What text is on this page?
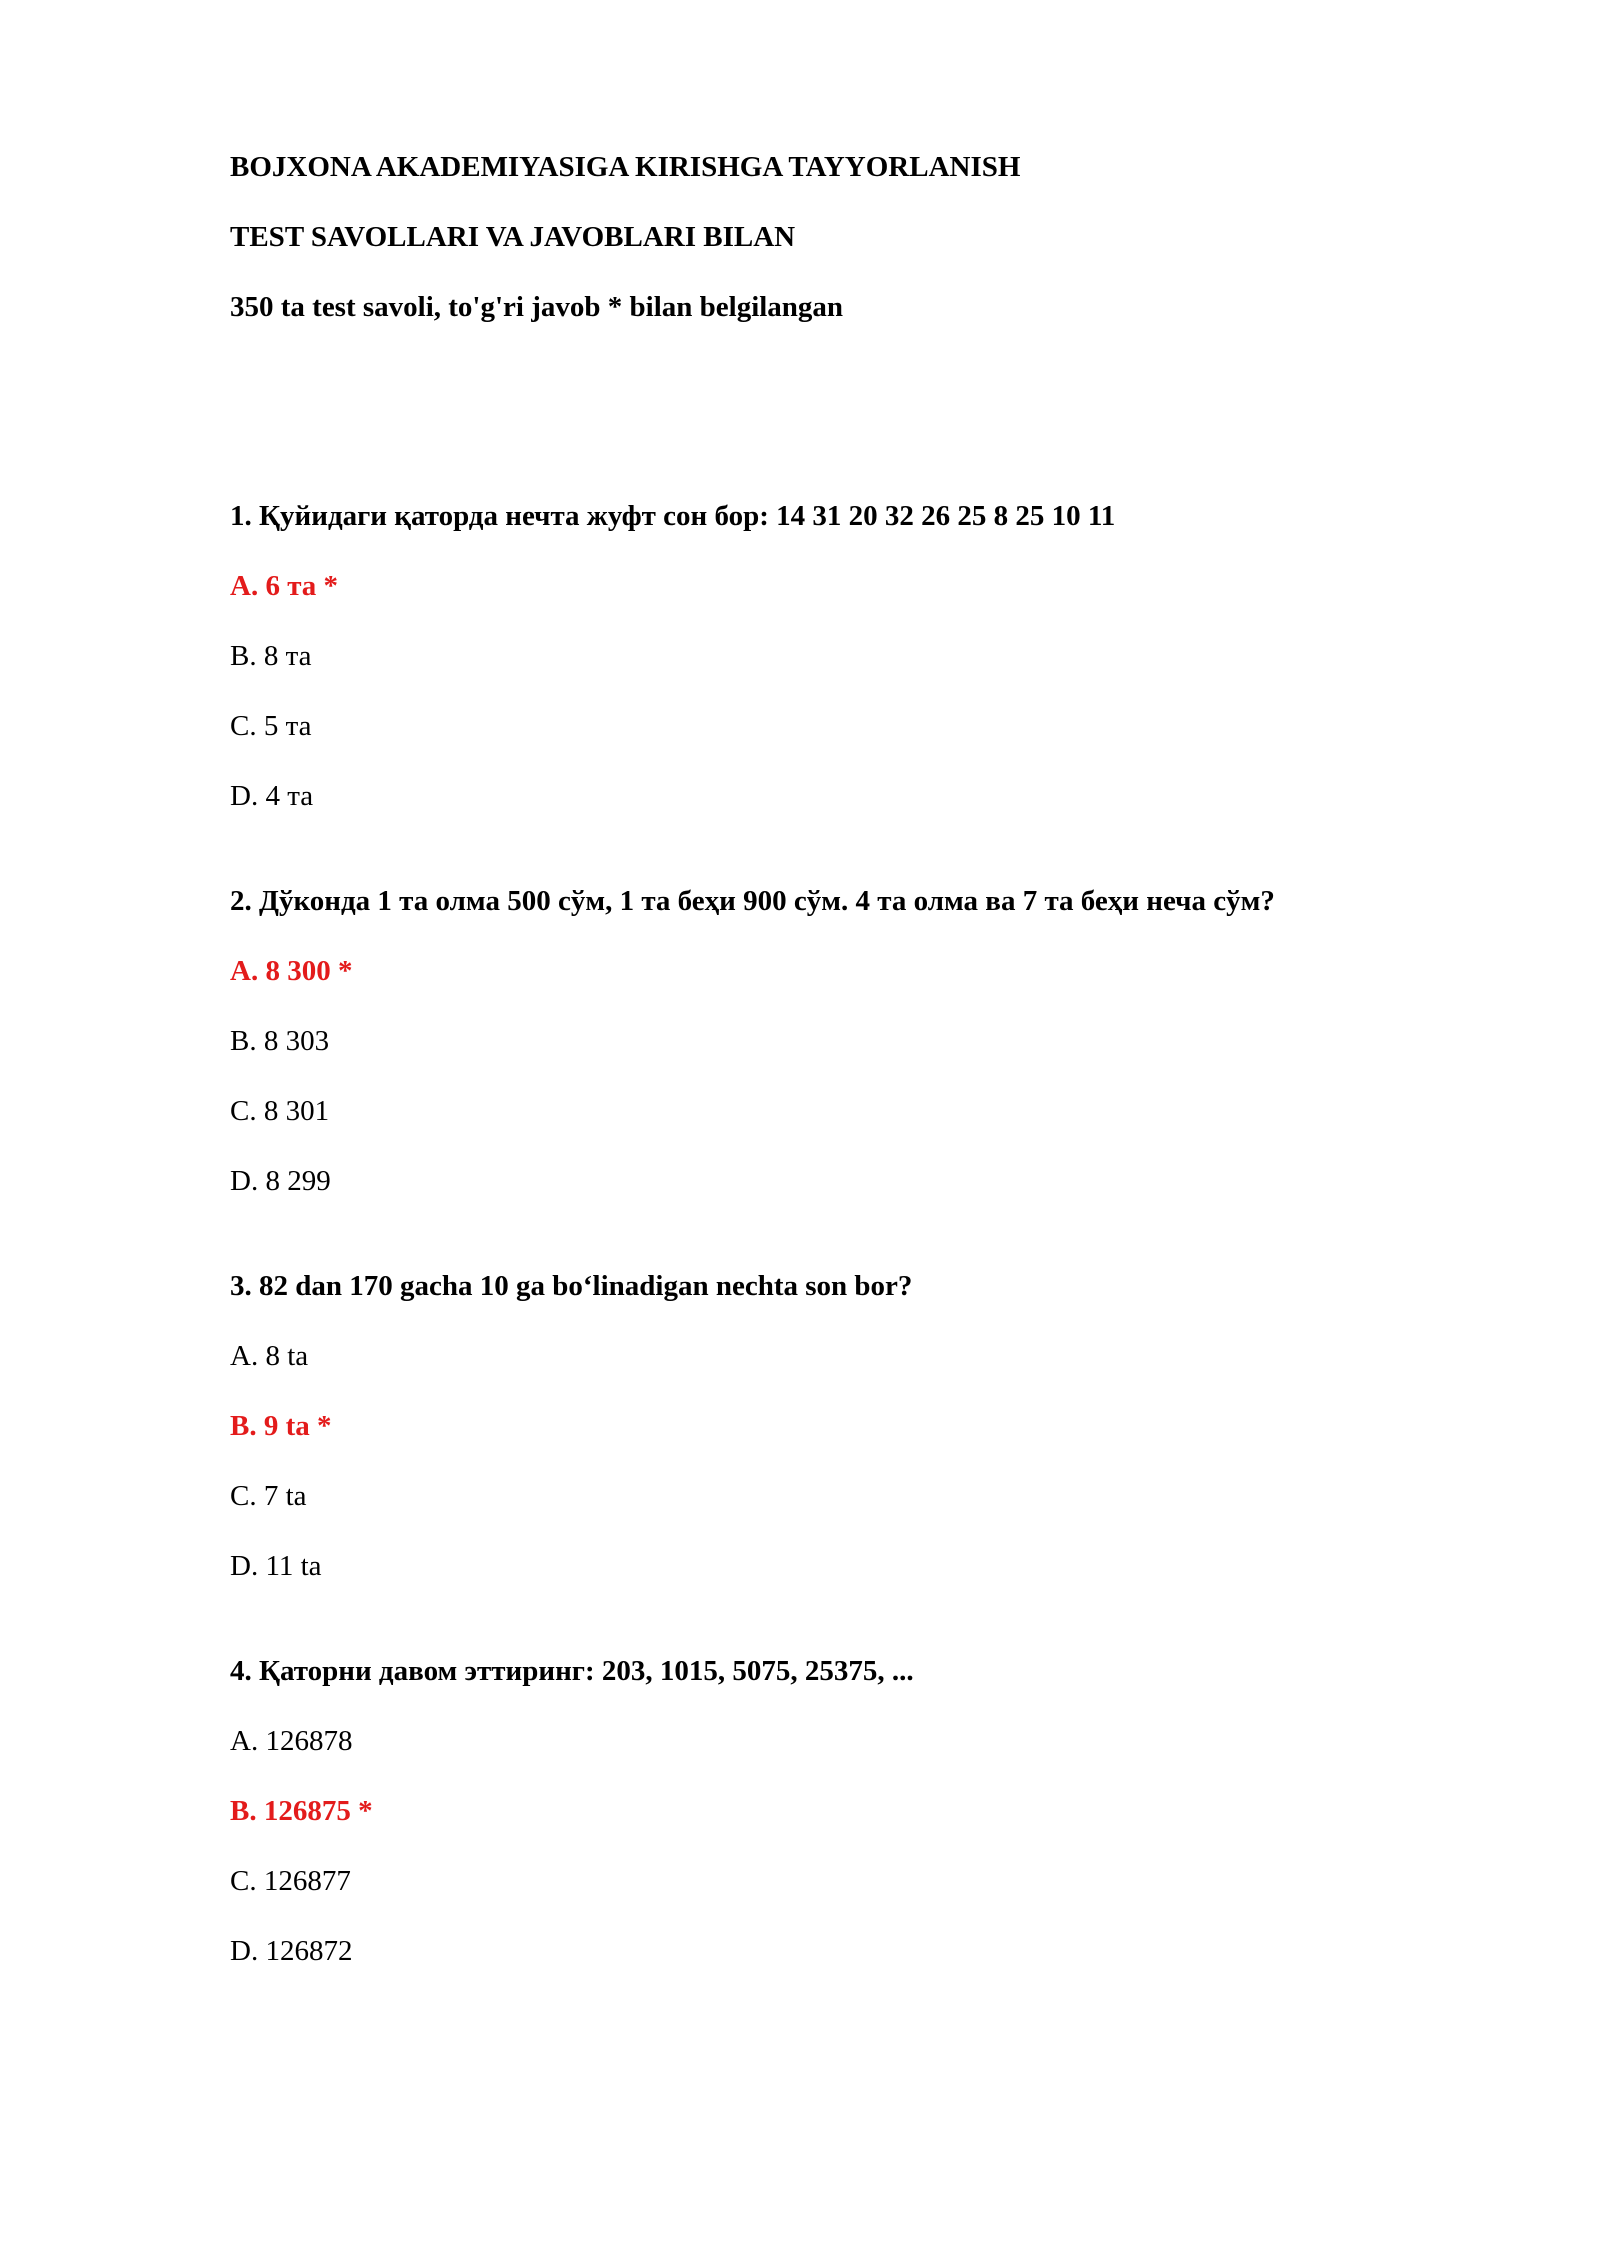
BOJXONA AKADEMIYASIGA KIRISHGA TAYYORLANISH
TEST SAVOLLARI VA JAVOBLARI BILAN
350 ta test savoli, to'g'ri javob * bilan belgilangan
1. Қуйидаги қаторда нечта жуфт сон бор: 14 31 20 32 26 25 8 25 10 11
A. 6 та *
B. 8 та
C. 5 та
D. 4 та
2. Дўконда 1 та олма 500 сўм, 1 та беҳи 900 сўм. 4 та олма ва 7 та беҳи неча сўм?
A. 8 300 *
B. 8 303
C. 8 301
D. 8 299
3. 82 dan 170 gacha 10 ga bo‘linadigan nechta son bor?
A. 8 ta
B. 9 ta *
C. 7 ta
D. 11 ta
4. Қаторни давом эттиринг: 203, 1015, 5075, 25375, ...
A. 126878
B. 126875 *
C. 126877
D. 126872
